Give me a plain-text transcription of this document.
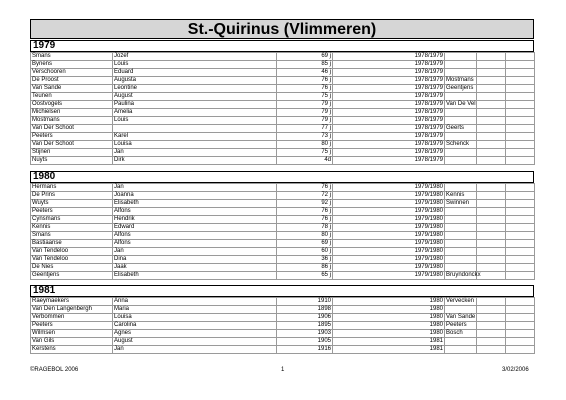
St.-Quirinus (Vlimmeren)
1979
Smans	Jozef	69 j	1978/1979			
Bynens	Louis	85 j	1978/1979			
Verschooren	Eduard	46 j	1978/1979			
De Proost	Augusta	76 j	1978/1979	Mostmans		
Van Sande	Leontine	76 j	1978/1979	Geentjens		
Teunen	August	75 j	1978/1979			
Oostvogels	Paulina	79 j	1978/1979	Van De Vel		
Michielsen	Amelia	79 j	1978/1979			
Mostmans	Louis	79 j	1978/1979			
Van Der Schoot		77 j	1978/1979	Geerts		
Peeters	Karel	73 j	1978/1979			
Van Der Schoot	Louisa	80 j	1978/1979	Schenck		
Stijnen	Jan	75 j	1978/1979			
Nuyts	Dirk	4d	1978/1979			
1980
Hermans	Jan	76 j	1979/1980			
De Prins	Joanna	72 j	1979/1980	Kennis		
Wuyts	Elisabeth	92 j	1979/1980	Swinnen		
Peeters	Alfons	76 j	1979/1980			
Cynsmans	Hendrik	76 j	1979/1980			
Kennis	Edward	78 j	1979/1980			
Smans	Alfons	80 j	1979/1980			
Bastiaanse	Alfons	69 j	1979/1980			
Van Tendeloo	Jan	60 j	1979/1980			
Van Tendeloo	Dina	36 j	1979/1980			
De Nies	Jaak	86 j	1979/1980			
Geentjens	Elisabeth	65 j	1979/1980	Bruyndonckx		
1981
Raeymaekers	Anna	1910	1980	Vervecken		
Van Den Langenbergh	Maria	1898	1980			
Verbommen	Louisa	1906	1980	Van Sande		
Peeters	Carolina	1895	1980	Peeters		
Wilmsen	Agnes	1903	1980	Bosch		
Van Gils	August	1905	1981			
Kerstens	Jan	1916	1981			
©RAGEBOL 2006	1	3/02/2006
